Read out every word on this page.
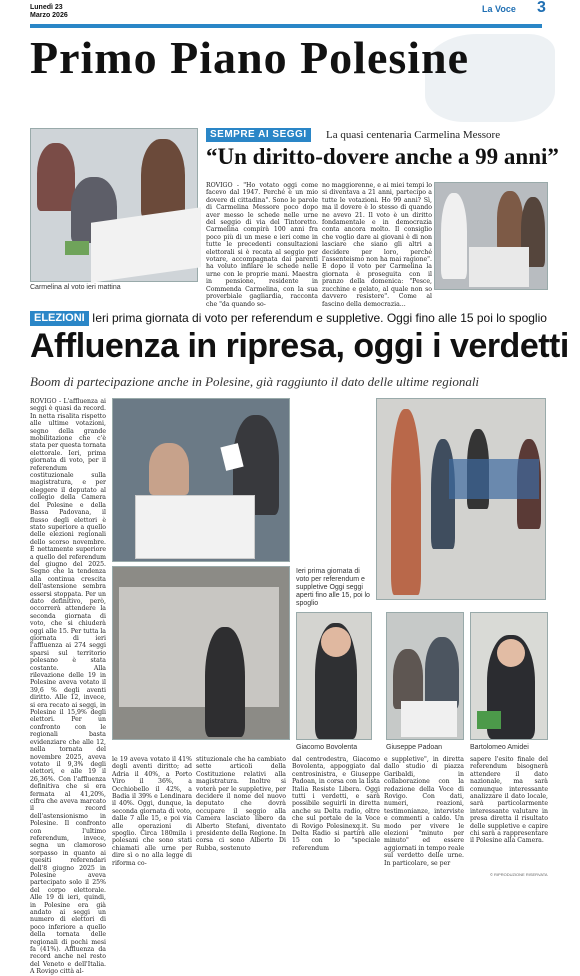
Lunedì 23
Marzo 2026
La Voce 3
Primo Piano Polesine
Carmelina al voto ieri mattina
SEMPRE AI SEGGI	La quasi centenaria Carmelina Messore
“Un diritto-dovere anche a 99 anni”
ROVIGO - "Ho votato oggi come facevo dal 1947. Perché è un mio dovere di cittadina". Sono le parole di Carmelina Messore poco dopo aver messo le schede nelle urne del seggio di via del Tintoretto. Carmelina compirà 100 anni fra poco più di un mese e ieri come in tutte le precedenti consultazioni elettorali si è recata al seggio per votare, accompagnata dai parenti ha voluto infilare le schede nelle urne con le proprie mani. Maestra in pensione, residente in Commenda Carmelina, con la sua proverbiale gagliardia, racconta che "da quando so-
no maggiorenne, e ai miei tempi lo si diventava a 21 anni, partecipo a tutte le votazioni. Ho 99 anni? Sì, ma il dovere è lo stesso di quando ne avevo 21. Il voto è un diritto fondamentale e in democrazia conta ancora molto. Il consiglio che voglio dare ai giovani è di non lasciare che siano gli altri a decidere per loro, perché l'assenteismo non ha mai ragione". E dopo il voto per Carmelina la giornata è proseguita con il pranzo della domenica: "Pesce, zucchine e gelato, al quale non so davvero resistere". Come al fascino della democrazia...
ELEZIONI Ieri prima giornata di voto per referendum e suppletive. Oggi fino alle 15 poi lo spoglio
Affluenza in ripresa, oggi i verdetti
Boom di partecipazione anche in Polesine, già raggiunto il dato delle ultime regionali
ROVIGO - L'affluenza ai seggi è quasi da record. In netta risalita rispetto alle ultime votazioni, segno della grande mobilitazione che c'è stata per questa tornata elettorale. Ieri, prima giornata di voto, per il referendum costituzionale sulla magistratura, e per eleggere il deputato al collegio della Camera del Polesine e della Bassa Padovana, il flusso degli elettori è stato superiore a quello delle elezioni regionali dello scorso novembre. È nettamente superiore a quello del referendum del giugno del 2025. Segno che la tendenza alla continua crescita dell'astensione sembra essersi stoppata. Per un dato definitivo, però, occorrerà attendere la seconda giornata di voto, che si chiuderà oggi alle 15. Per tutta la giornata di ieri l'affluenza ai 274 seggi sparsi sul territorio polesano è stata costante. Alla rilevazione delle 19 in Polesine aveva votato il 39,6 % degli aventi diritto. Alle 12, invece, si era recato ai seggi, in Polesine il 15,9% degli elettori. Per un confronto con le regionali basta evidenziare che alle 12, nella tornata del novembre 2025, aveva votato il 9,3% degli elettori, e alle 19 il 26,36%. Con l'affluenza definitiva che si era fermata al 41,20%, cifra che aveva marcato il record dell'astensionismo in Polesine. Il confronto con l'ultimo referendum, invece, segna un clamoroso sorpasso in quanto ai quesiti referendari dell'8 giugno 2025 in Polesine aveva partecipato solo il 25% del corpo elettorale. Alle 19 di ieri, quindi, in Polesine era già andato ai seggi un numero di elettori di poco inferiore a quello della tornata delle regionali di pochi mesi fa (41%). Affluenza da record anche nel resto del Veneto e dell'Italia. A Rovigo città al-
Ieri prima giornata di voto per referendum e suppletive Oggi seggi aperti fino alle 15, poi lo spoglio
Giacomo Bovolenta	Giuseppe Padoan	Bartolomeo Amidei
le 19 aveva votato il 41% degli aventi diritto; ad Adria il 40%, a Porto Viro il 36%, a Occhiobello il 42%, a Badia il 39% e Lendinara il 40%. Oggi, dunque, la seconda giornata di voto, dalle 7 alle 15, e poi via alle operazioni di spoglio. Circa 180mila i polesani che sono stati chiamati alle urne per dire sì o no alla legge di riforma co-
stituzionale che ha cambiato sette articoli della Costituzione relativi alla magistratura. Inoltre si voterà per le suppletive, per decidere il nome del nuovo deputato che dovrà occupare il seggio alla Camera lasciato libero da Alberto Stefani, diventato presidente della Regione. In corsa ci sono Alberto Di Rubba, sostenuto
dal centrodestra, Giacomo Bovolenta, appoggiato dal centrosinistra, e Giuseppe Padoan, in corsa con la lista Italia Resiste Libera. Oggi tutti i verdetti, e sarà possibile seguirli in diretta anche su Delta radio, oltre che sul portale de la Voce di Rovigo Polesinexq.it. Su Delta Radio si partirà alle 15 con lo "speciale referendum
e suppletive", in diretta dallo studio di piazza Garibaldi, in collaborazione con la redazione della Voce di Rovigo. Con dati, numeri, reazioni, testimonianze, interviste e commenti a caldo. Un modo per vivere le elezioni "minuto per minuto" ed essere aggiornati in tempo reale sul verdetto delle urne. In particolare, se per
sapere l'esito finale del referendum bisognerà attendere il dato nazionale, ma sarà comunque interessante analizzare il dato locale, sarà particolarmente interessante valutare in presa diretta il risultato delle suppletive e capire chi sarà a rappresentare il Polesine alla Camera.
© RIPRODUZIONE RISERVATA
